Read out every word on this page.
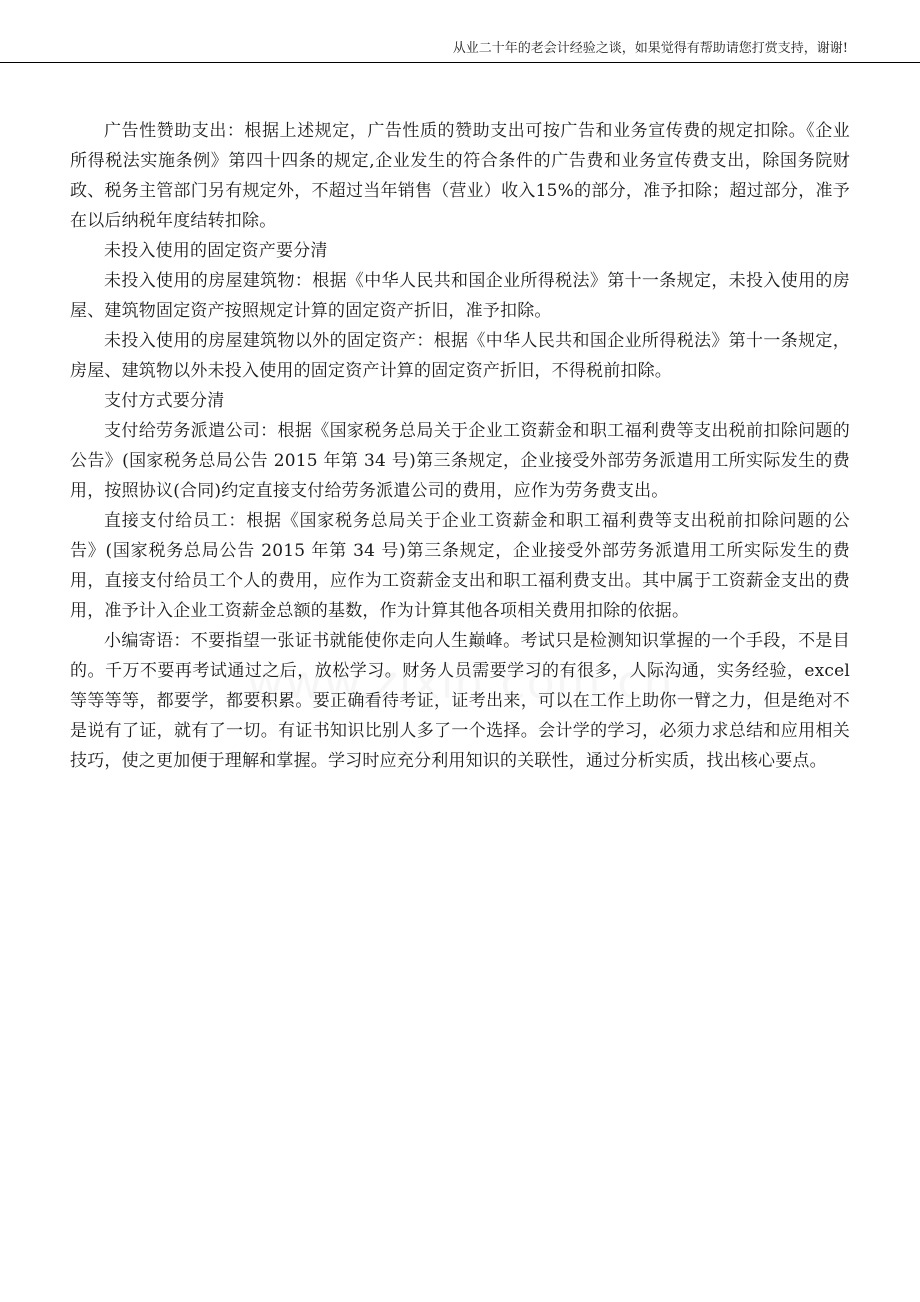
从业二十年的老会计经验之谈，如果觉得有帮助请您打赏支持，谢谢!

广告性赞助支出：根据上述规定，广告性质的赞助支出可按广告和业务宣传费的规定扣除。《企业所得税法实施条例》第四十四条的规定,企业发生的符合条件的广告费和业务宣传费支出，除国务院财政、税务主管部门另有规定外，不超过当年销售（营业）收入15%的部分，准予扣除；超过部分，准予在以后纳税年度结转扣除。

未投入使用的固定资产要分清

未投入使用的房屋建筑物：根据《中华人民共和国企业所得税法》第十一条规定，未投入使用的房屋、建筑物固定资产按照规定计算的固定资产折旧，准予扣除。

未投入使用的房屋建筑物以外的固定资产：根据《中华人民共和国企业所得税法》第十一条规定，房屋、建筑物以外未投入使用的固定资产计算的固定资产折旧，不得税前扣除。

支付方式要分清

支付给劳务派遣公司：根据《国家税务总局关于企业工资薪金和职工福利费等支出税前扣除问题的公告》(国家税务总局公告 2015 年第 34 号)第三条规定，企业接受外部劳务派遣用工所实际发生的费用，按照协议(合同)约定直接支付给劳务派遣公司的费用，应作为劳务费支出。

直接支付给员工：根据《国家税务总局关于企业工资薪金和职工福利费等支出税前扣除问题的公告》(国家税务总局公告 2015 年第 34 号)第三条规定，企业接受外部劳务派遣用工所实际发生的费用，直接支付给员工个人的费用，应作为工资薪金支出和职工福利费支出。其中属于工资薪金支出的费用，准予计入企业工资薪金总额的基数，作为计算其他各项相关费用扣除的依据。

小编寄语：不要指望一张证书就能使你走向人生巅峰。考试只是检测知识掌握的一个手段，不是目的。千万不要再考试通过之后，放松学习。财务人员需要学习的有很多，人际沟通，实务经验，excel 等等等等，都要学，都要积累。要正确看待考证，证考出来，可以在工作上助你一臂之力，但是绝对不是说有了证，就有了一切。有证书知识比别人多了一个选择。会计学的学习，必须力求总结和应用相关技巧，使之更加便于理解和掌握。学习时应充分利用知识的关联性，通过分析实质，找出核心要点。
